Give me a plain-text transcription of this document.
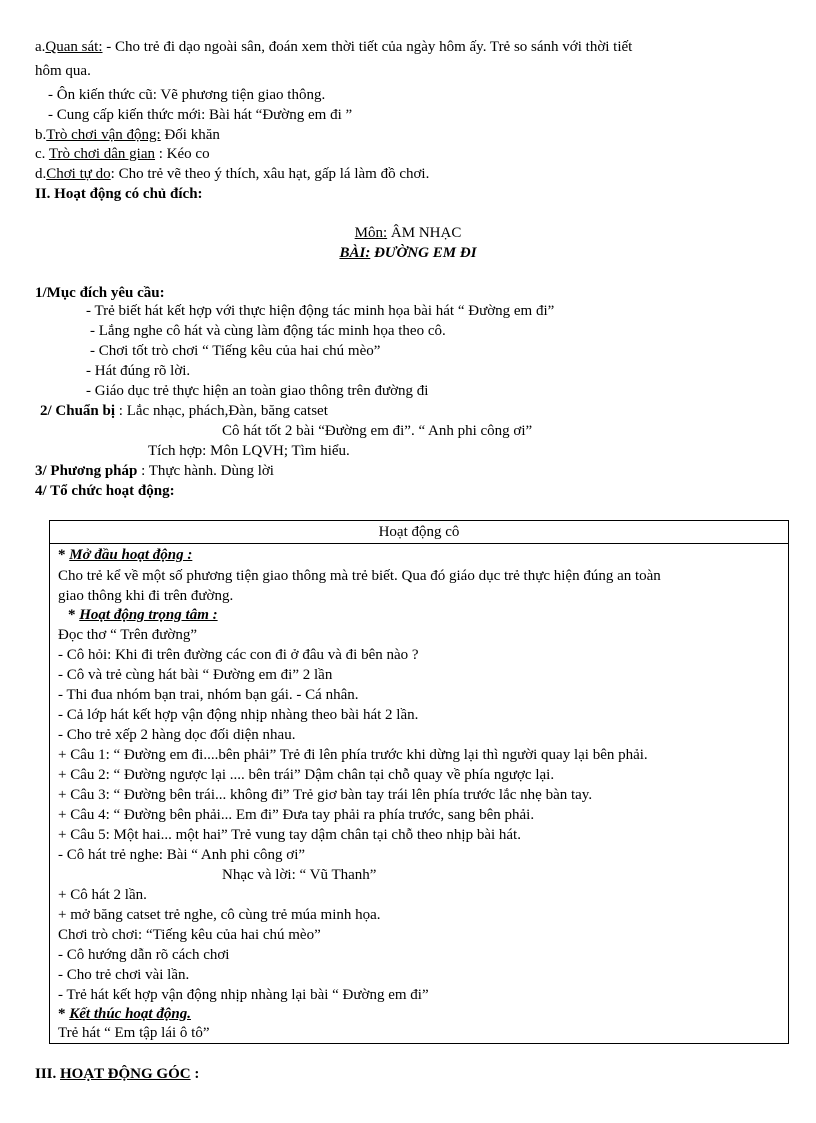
a.Quan sát: - Cho trẻ đi dạo ngoài sân, đoán xem thời tiết của ngày hôm ấy. Trẻ so sánh với thời tiết
hôm qua.
- Ôn kiến thức cũ: Vẽ phương tiện giao thông.
- Cung cấp kiến thức mới: Bài hát “Đường em đi ”
b.Trò chơi vận động: Đối khăn
c. Trò chơi dân gian : Kéo co
d.Chơi tự do: Cho trẻ vẽ theo ý thích, xâu hạt, gấp lá làm đồ chơi.
II. Hoạt động có chủ đích:
Môn: ÂM NHẠC
BÀI: ĐƯỜNG EM ĐI
1/Mục đích yêu cầu:
- Trẻ biết hát kết hợp với thực hiện động tác minh họa bài hát “ Đường em đi”
- Lắng nghe cô hát và cùng làm động tác minh họa theo cô.
- Chơi tốt trò chơi “ Tiếng kêu của hai chú mèo”
- Hát đúng rõ lời.
- Giáo dục trẻ thực hiện an toàn giao thông trên đường đi
2/ Chuẩn bị : Lắc nhạc, phách,Đàn, băng catset
Cô hát tốt 2 bài “Đường em đi”. “ Anh phi công ơi”
Tích hợp: Môn LQVH; Tìm hiểu.
3/ Phương pháp : Thực hành. Dùng lời
4/ Tổ chức hoạt động:
Hoạt động cô
* Mở đầu hoạt động :
Cho trẻ kể về một số phương tiện giao thông mà trẻ biết. Qua đó giáo dục trẻ thực hiện đúng an toàn
giao thông khi đi trên đường.
* Hoạt động trọng tâm :
Đọc thơ “ Trên đường”
- Cô hỏi: Khi đi trên đường các con đi ở đâu và đi bên nào ?
- Cô và trẻ cùng hát bài “ Đường em đi” 2 lần
- Thi đua nhóm bạn trai, nhóm bạn gái. - Cá nhân.
- Cả lớp hát kết hợp vận động nhịp nhàng theo bài hát 2 lần.
- Cho trẻ xếp 2 hàng dọc đối diện nhau.
+ Câu 1: “ Đường em đi....bên phải” Trẻ đi lên phía trước khi dừng lại thì người quay lại bên phải.
+ Câu 2: “ Đường ngược lại .... bên trái” Dậm chân tại chỗ quay về phía ngược lại.
+ Câu 3: “ Đường bên trái... không đi” Trẻ giơ bàn tay trái lên phía trước lắc nhẹ bàn tay.
+ Câu 4: “ Đường bên phải... Em đi” Đưa tay phải ra phía trước, sang bên phải.
+ Câu 5: Một hai... một hai” Trẻ vung tay dậm chân tại chỗ theo nhịp bài hát.
- Cô hát trẻ nghe: Bài “ Anh phi công ơi”
Nhạc và lời: “ Vũ Thanh”
+ Cô hát 2 lần.
+ mở băng catset trẻ nghe, cô cùng trẻ múa minh họa.
Chơi trò chơi: “Tiếng kêu của hai chú mèo”
- Cô hướng dẫn rõ cách chơi
- Cho trẻ chơi vài lần.
- Trẻ hát kết hợp vận động nhịp nhàng lại bài “ Đường em đi”
* Kết thúc hoạt động.
Trẻ hát “ Em tập lái ô tô”
III. HOẠT ĐỘNG GÓC :
